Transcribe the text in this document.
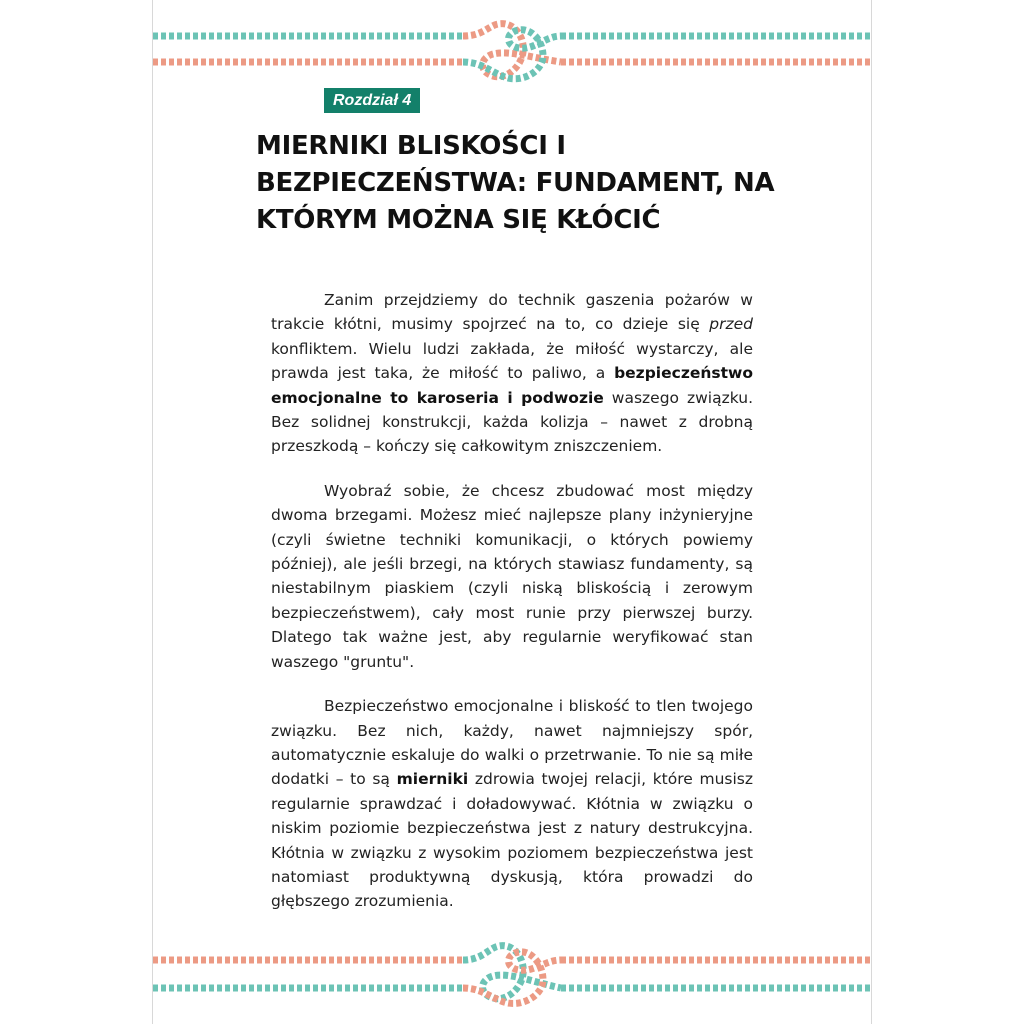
Rozdział 4
MIERNIKI BLISKOŚCI I BEZPIECZEŃSTWA: FUNDAMENT, NA KTÓRYM MOŻNA SIĘ KŁÓCIĆ

Zanim przejdziemy do technik gaszenia pożarów w trakcie kłótni, musimy spojrzeć na to, co dzieje się przed konfliktem. Wielu ludzi zakłada, że miłość wystarczy, ale prawda jest taka, że miłość to paliwo, a bezpieczeństwo emocjonalne to karoseria i podwozie waszego związku. Bez solidnej konstrukcji, każda kolizja – nawet z drobną przeszkodą – kończy się całkowitym zniszczeniem.

Wyobraź sobie, że chcesz zbudować most między dwoma brzegami. Możesz mieć najlepsze plany inżynieryjne (czyli świetne techniki komunikacji, o których powiemy później), ale jeśli brzegi, na których stawiasz fundamenty, są niestabilnym piaskiem (czyli niską bliskością i zerowym bezpieczeństwem), cały most runie przy pierwszej burzy. Dlatego tak ważne jest, aby regularnie weryfikować stan waszego "gruntu".

Bezpieczeństwo emocjonalne i bliskość to tlen twojego związku. Bez nich, każdy, nawet najmniejszy spór, automatycznie eskaluje do walki o przetrwanie. To nie są miłe dodatki – to są mierniki zdrowia twojej relacji, które musisz regularnie sprawdzać i doładowywać. Kłótnia w związku o niskim poziomie bezpieczeństwa jest z natury destrukcyjna. Kłótnia w związku z wysokim poziomem bezpieczeństwa jest natomiast produktywną dyskusją, która prowadzi do głębszego zrozumienia.
